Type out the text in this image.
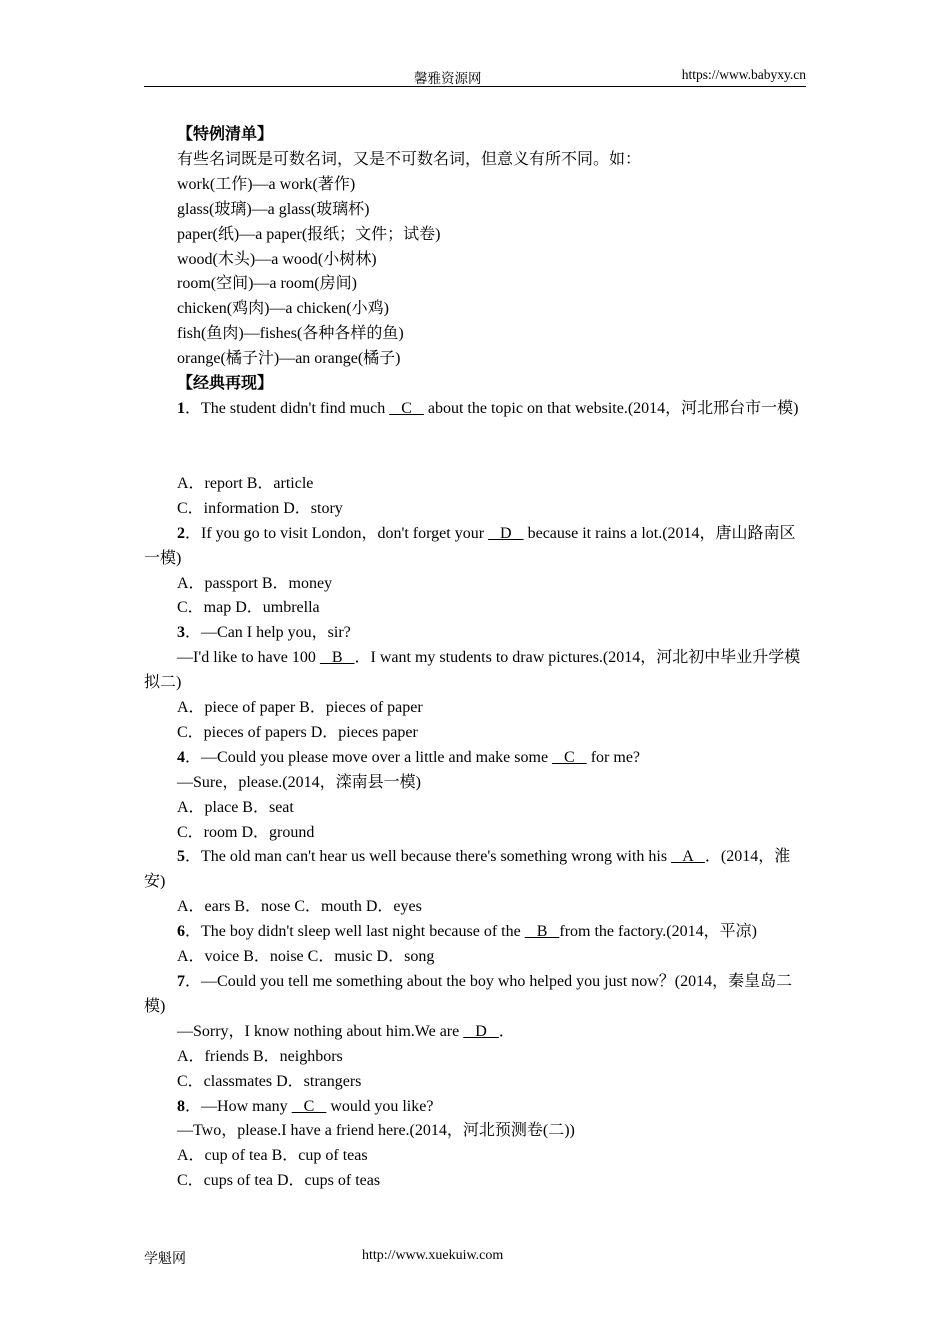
馨雅资源网	https://www.babyxy.cn
【特例清单】
有些名词既是可数名词，又是不可数名词，但意义有所不同。如：
work(工作)—a work(著作)
glass(玻璃)—a glass(玻璃杯)
paper(纸)—a paper(报纸；文件；试卷)
wood(木头)—a wood(小树林)
room(空间)—a room(房间)
chicken(鸡肉)—a chicken(小鸡)
fish(鱼肉)—fishes(各种各样的鱼)
orange(橘子汁)—an orange(橘子)
【经典再现】
1．The student didn't find much    C    about the topic on that website.(2014，河北邢台市一模)
A．report B．article
C．information D．story
2．If you go to visit London，don't forget your    D    because it rains a lot.(2014，唐山路南区一模)
A．passport B．money
C．map D．umbrella
3．—Can I help you，sir?
—I'd like to have 100    B   ．I want my students to draw pictures.(2014，河北初中毕业升学模拟二)
A．piece of paper B．pieces of paper
C．pieces of papers D．pieces paper
4．—Could you please move over a little and make some    C    for me?
—Sure，please.(2014，滦南县一模)
A．place B．seat
C．room D．ground
5．The old man can't hear us well because there's something wrong with his    A   ．(2014，淮安)
A．ears B．nose C．mouth D．eyes
6．The boy didn't sleep well last night because of the    B   from the factory.(2014，平凉)
A．voice B．noise C．music D．song
7．—Could you tell me something about the boy who helped you just now？(2014，秦皇岛二模)
—Sorry，I know nothing about him.We are    D   ．
A．friends B．neighbors
C．classmates D．strangers
8．—How many    C    would you like?
—Two，please.I have a friend here.(2014，河北预测卷(二))
A．cup of tea B．cup of teas
C．cups of tea D．cups of teas
学魁网	http://www.xuekuiw.com
